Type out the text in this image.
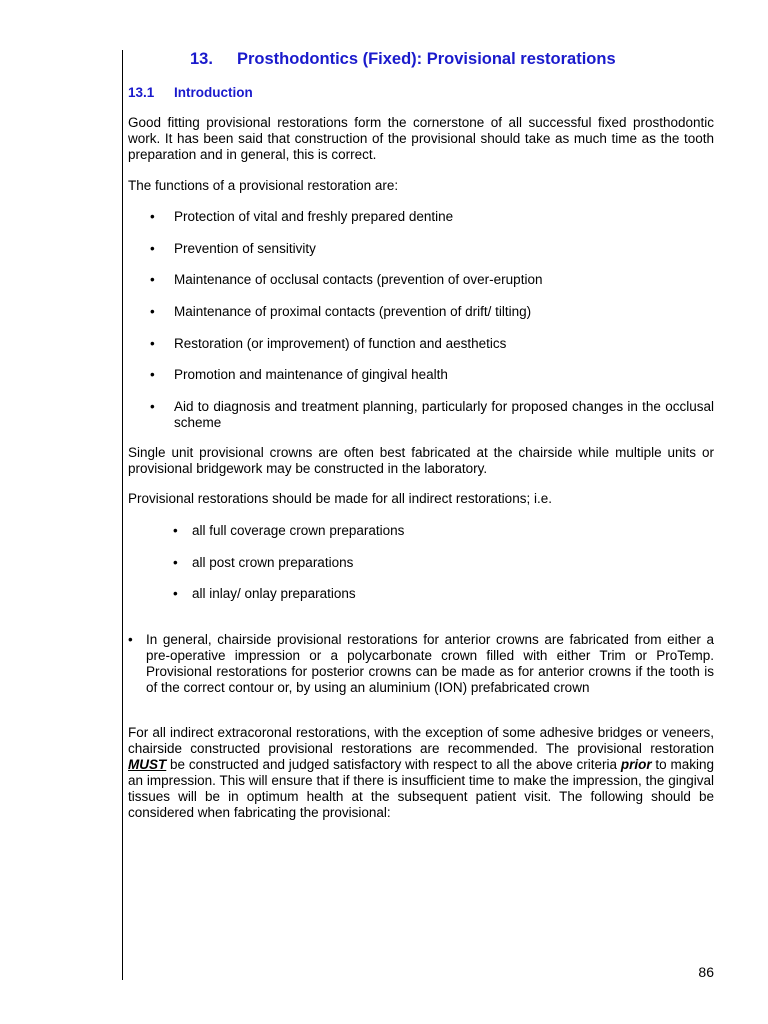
13. Prosthodontics (Fixed): Provisional restorations
13.1 Introduction

Good fitting provisional restorations form the cornerstone of all successful fixed prosthodontic work. It has been said that construction of the provisional should take as much time as the tooth preparation and in general, this is correct.

The functions of a provisional restoration are:

• Protection of vital and freshly prepared dentine
• Prevention of sensitivity
• Maintenance of occlusal contacts (prevention of over-eruption
• Maintenance of proximal contacts (prevention of drift/ tilting)
• Restoration (or improvement) of function and aesthetics
• Promotion and maintenance of gingival health
• Aid to diagnosis and treatment planning, particularly for proposed changes in the occlusal scheme

Single unit provisional crowns are often best fabricated at the chairside while multiple units or provisional bridgework may be constructed in the laboratory.

Provisional restorations should be made for all indirect restorations; i.e.

• all full coverage crown preparations
• all post crown preparations
• all inlay/ onlay preparations
• In general, chairside provisional restorations for anterior crowns are fabricated from either a pre-operative impression or a polycarbonate crown filled with either Trim or ProTemp. Provisional restorations for posterior crowns can be made as for anterior crowns if the tooth is of the correct contour or, by using an aluminium (ION) prefabricated crown

For all indirect extracoronal restorations, with the exception of some adhesive bridges or veneers, chairside constructed provisional restorations are recommended. The provisional restoration MUST be constructed and judged satisfactory with respect to all the above criteria prior to making an impression. This will ensure that if there is insufficient time to make the impression, the gingival tissues will be in optimum health at the subsequent patient visit. The following should be considered when fabricating the provisional:

86
